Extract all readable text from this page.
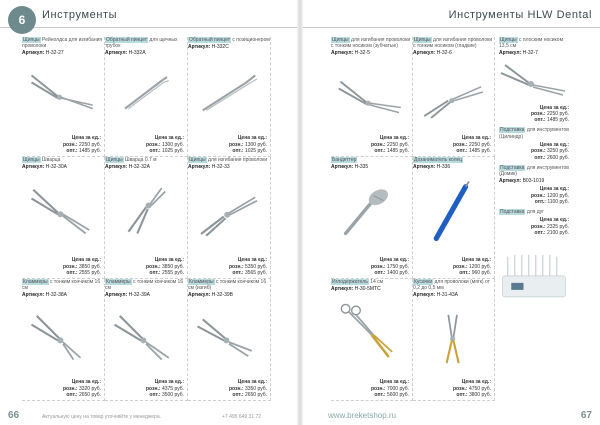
6	Инструменты
Щипцы Рейнолдса для изгибания проволоки
Артикул: H-32-27
Цена за ед.:
розн.: 2250 руб.
опт.: 1485 руб.
Обратный пинцет для щечных трубок
Артикул: H-332A
Цена за ед.:
розн.: 1300 руб.
опт.: 1025 руб.
Обратный пинцет с позиционером
Артикул: H-332C
Цена за ед.:
розн.: 1300 руб.
опт.: 1025 руб.
Щипцы Шварца
Артикул: H-32-30A
Цена за ед.:
розн.: 3850 руб.
опт.: 2555 руб.
Щипцы Шварца 0.7 м
Артикул: H-32-32A
Цена за ед.:
розн.: 3850 руб.
опт.: 2555 руб.
Щипцы для изгибания проволоки
Артикул: H-32-33
Цена за ед.:
розн.: 5350 руб.
опт.: 3565 руб.
Кламмеры с тонким кончиком 16 см
Артикул: H-32-38A
Цена за ед.:
розн.: 3320 руб.
опт.: 2650 руб.
Кламмеры с тонким кончиком 16 см
Артикул: H-32-39A
Цена за ед.:
розн.: 4375 руб.
опт.: 3500 руб.
Кламмеры с тонким кончиком 16 см (изгиб)
Артикул: H-32-39B
Цена за ед.:
розн.: 3350 руб.
опт.: 2650 руб.
66	Актуальную цену на товар уточняйте у менеджера.	+7 495 649 31 72
Инструменты HLW Dental
Щипцы для изгибания проволоки с тонким носиком (зубчатые)
Артикул: H-32-5
Цена за ед.:
розн.: 2250 руб.
опт.: 1485 руб.
Щипцы для изгибания проволоки с тонким носиком (гладкие)
Артикул: H-32-6
Цена за ед.:
розн.: 2250 руб.
опт.: 1485 руб.
Бандеттер
Артикул: H-335
Цена за ед.:
розн.: 1750 руб.
опт.: 1400 руб.
Дозаниматель колец
Артикул: H-336
Цена за ед.:
розн.: 1200 руб.
опт.: 960 руб.
Иглодержатель 14 см
Артикул: H-30-5MTC
Цена за ед.:
розн.: 7000 руб.
опт.: 5600 руб.
Кусачки для проволоки (мягк) от 0,2 до 0,5 мм
Артикул: H-31-43A
Цена за ед.:
розн.: 4750 руб.
опт.: 3800 руб.
Щипцы с плоским носиком 13,5 см
Артикул: H-32-7
Цена за ед.:
розн.: 2250 руб.
опт.: 1485 руб.
Подставка для инструментов (Цилиндр)
Цена за ед.:
розн.: 3250 руб.
опт.: 2600 руб.
Подставка для инструментов (Домик)
Артикул: B03-1019
Цена за ед.:
розн.: 1200 руб.
опт.: 1100 руб.
Подставка для дуг
Цена за ед.:
розн.: 2325 руб.
опт.: 2100 руб.
www.breketshop.ru	67
